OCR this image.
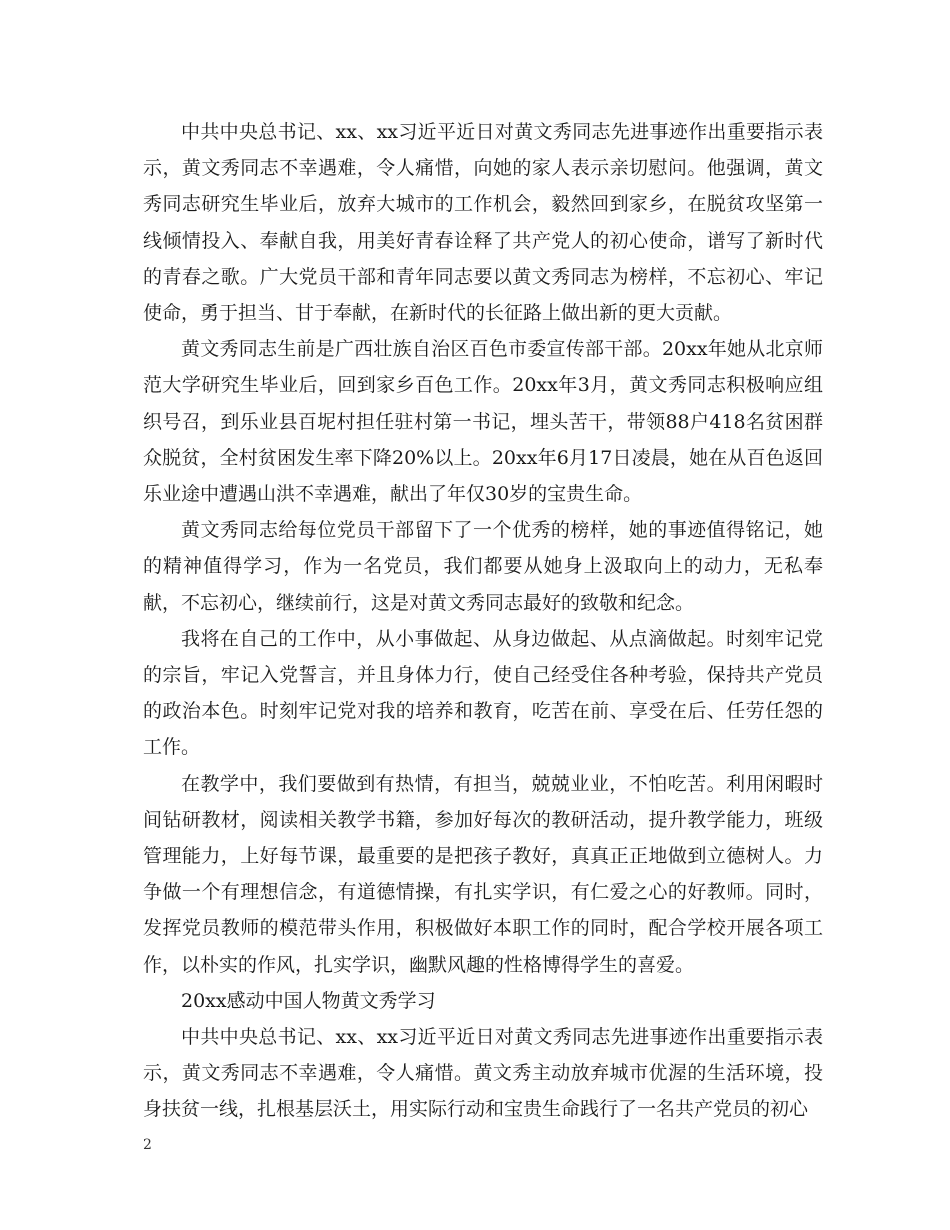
中共中央总书记、xx、xx习近平近日对黄文秀同志先进事迹作出重要指示表示，黄文秀同志不幸遇难，令人痛惜，向她的家人表示亲切慰问。他强调，黄文秀同志研究生毕业后，放弃大城市的工作机会，毅然回到家乡，在脱贫攻坚第一线倾情投入、奉献自我，用美好青春诠释了共产党人的初心使命，谱写了新时代的青春之歌。广大党员干部和青年同志要以黄文秀同志为榜样，不忘初心、牢记使命，勇于担当、甘于奉献，在新时代的长征路上做出新的更大贡献。

黄文秀同志生前是广西壮族自治区百色市委宣传部干部。20xx年她从北京师范大学研究生毕业后，回到家乡百色工作。20xx年3月，黄文秀同志积极响应组织号召，到乐业县百坭村担任驻村第一书记，埋头苦干，带领88户418名贫困群众脱贫，全村贫困发生率下降20%以上。20xx年6月17日凌晨，她在从百色返回乐业途中遭遇山洪不幸遇难，献出了年仅30岁的宝贵生命。

黄文秀同志给每位党员干部留下了一个优秀的榜样，她的事迹值得铭记，她的精神值得学习，作为一名党员，我们都要从她身上汲取向上的动力，无私奉献，不忘初心，继续前行，这是对黄文秀同志最好的致敬和纪念。

我将在自己的工作中，从小事做起、从身边做起、从点滴做起。时刻牢记党的宗旨，牢记入党誓言，并且身体力行，使自己经受住各种考验，保持共产党员的政治本色。时刻牢记党对我的培养和教育，吃苦在前、享受在后、任劳任怨的工作。

在教学中，我们要做到有热情，有担当，兢兢业业，不怕吃苦。利用闲暇时间钻研教材，阅读相关教学书籍，参加好每次的教研活动，提升教学能力，班级管理能力，上好每节课，最重要的是把孩子教好，真真正正地做到立德树人。力争做一个有理想信念，有道德情操，有扎实学识，有仁爱之心的好教师。同时，发挥党员教师的模范带头作用，积极做好本职工作的同时，配合学校开展各项工作，以朴实的作风，扎实学识，幽默风趣的性格博得学生的喜爱。

20xx感动中国人物黄文秀学习

中共中央总书记、xx、xx习近平近日对黄文秀同志先进事迹作出重要指示表示，黄文秀同志不幸遇难，令人痛惜。黄文秀主动放弃城市优渥的生活环境，投身扶贫一线，扎根基层沃土，用实际行动和宝贵生命践行了一名共产党员的初心

2
